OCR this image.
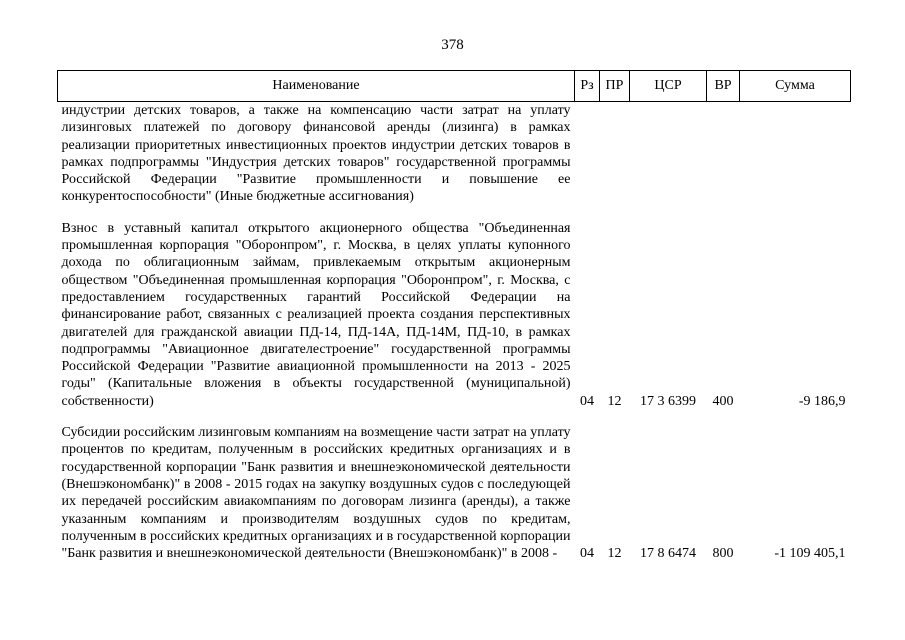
378
Наименование	Рз	ПР	ЦСР	ВР	Сумма
индустрии детских товаров, а также на компенсацию части затрат на уплату лизинговых платежей по договору финансовой аренды (лизинга) в рамках реализации приоритетных инвестиционных проектов индустрии детских товаров в рамках подпрограммы "Индустрия детских товаров" государственной программы Российской Федерации "Развитие промышленности и повышение ее конкурентоспособности" (Иные бюджетные ассигнования)					

Взнос в уставный капитал открытого акционерного общества "Объединенная промышленная корпорация "Оборонпром", г. Москва, в целях уплаты купонного дохода по облигационным займам, привлекаемым открытым акционерным обществом "Объединенная промышленная корпорация "Оборонпром", г. Москва, с предоставлением государственных гарантий Российской Федерации на финансирование работ, связанных с реализацией проекта создания перспективных двигателей для гражданской авиации ПД-14, ПД-14А, ПД-14М, ПД-10, в рамках подпрограммы "Авиационное двигателестроение" государственной программы Российской Федерации "Развитие авиационной промышленности на 2013 - 2025 годы" (Капитальные вложения в объекты государственной (муниципальной) собственности)	04	12	17 3 6399	400	-9 186,9

Субсидии российским лизинговым компаниям на возмещение части затрат на уплату процентов по кредитам, полученным в российских кредитных организациях и в государственной корпорации "Банк развития и внешнеэкономической деятельности (Внешэкономбанк)" в 2008 - 2015 годах на закупку воздушных судов с последующей их передачей российским авиакомпаниям по договорам лизинга (аренды), а также указанным компаниям и производителям воздушных судов по кредитам, полученным в российских кредитных организациях и в государственной корпорации "Банк развития и внешнеэкономической деятельности (Внешэкономбанк)" в 2008 -	04	12	17 8 6474	800	-1 109 405,1
